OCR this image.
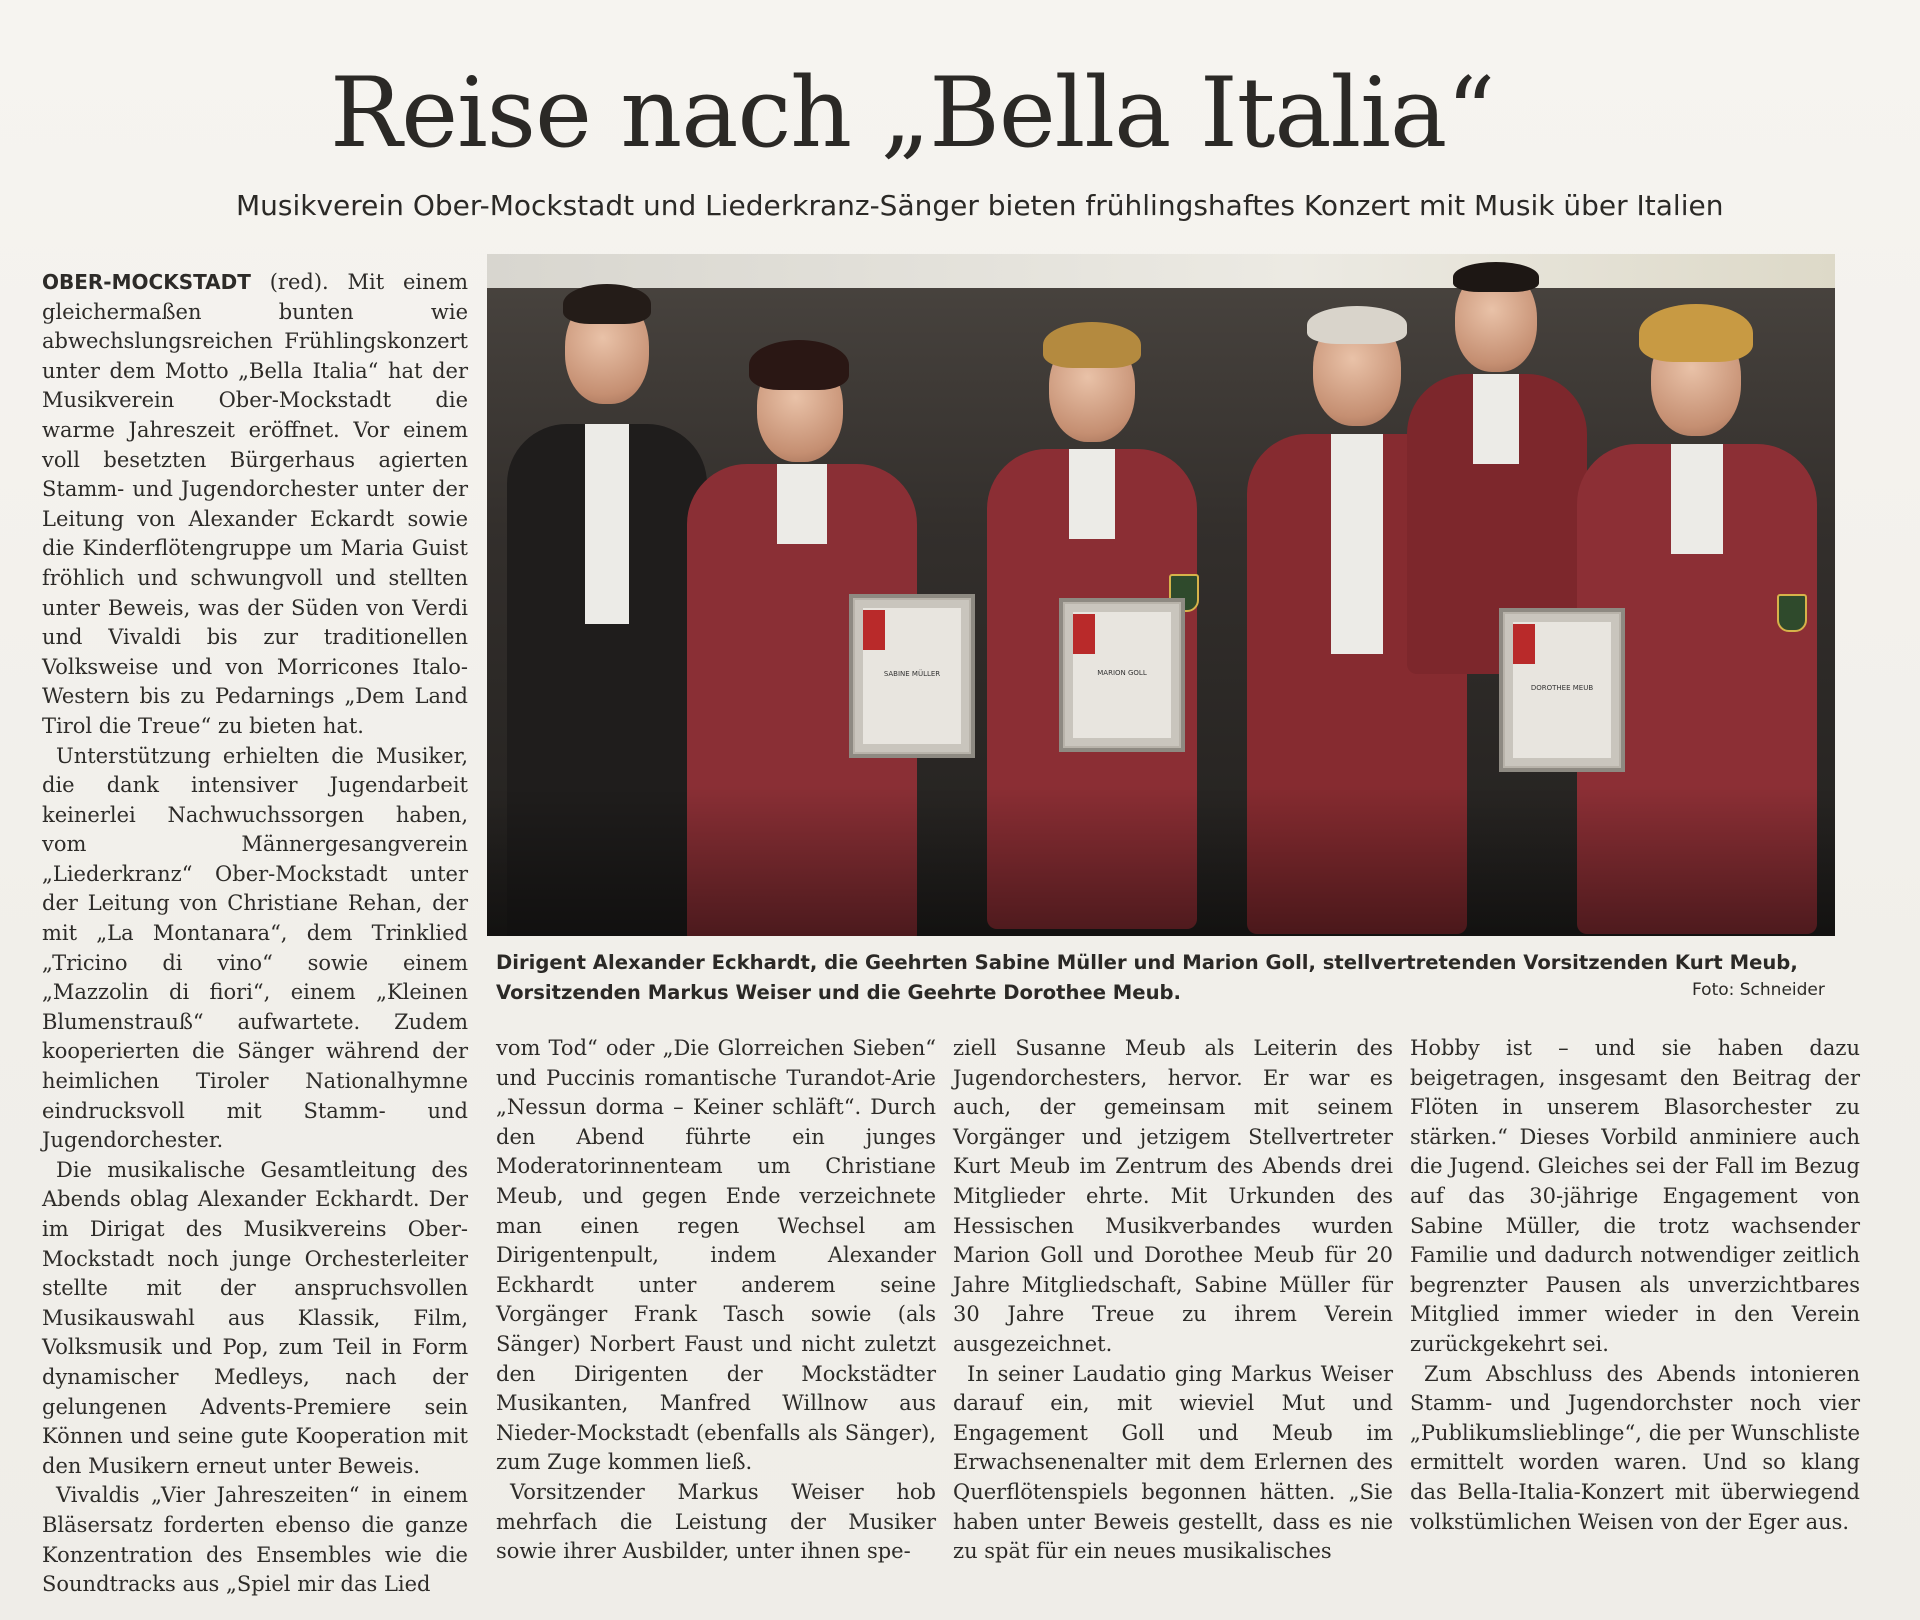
Reise nach „Bella Italia“
Musikverein Ober-Mockstadt und Liederkranz-Sänger bieten frühlingshaftes Konzert mit Musik über Italien

OBER-MOCKSTADT (red). Mit einem gleichermaßen bunten wie abwechslungsreichen Frühlingskonzert unter dem Motto „Bella Italia“ hat der Musikverein Ober-Mockstadt die warme Jahreszeit eröffnet. Vor einem voll besetzten Bürgerhaus agierten Stamm- und Jugendorchester unter der Leitung von Alexander Eckardt sowie die Kinderflötengruppe um Maria Guist fröhlich und schwungvoll und stellten unter Beweis, was der Süden von Verdi und Vivaldi bis zur traditionellen Volksweise und von Morricones Italo-Western bis zu Pedarnings „Dem Land Tirol die Treue“ zu bieten hat.

Unterstützung erhielten die Musiker, die dank intensiver Jugendarbeit keinerlei Nachwuchssorgen haben, vom Männergesangverein „Liederkranz“ Ober-Mockstadt unter der Leitung von Christiane Rehan, der mit „La Montanara“, dem Trinklied „Tricino di vino“ sowie einem „Mazzolin di fiori“, einem „Kleinen Blumenstrauß“ aufwartete. Zudem kooperierten die Sänger während der heimlichen Tiroler Nationalhymne eindrucksvoll mit Stamm- und Jugendorchester.

Die musikalische Gesamtleitung des Abends oblag Alexander Eckhardt. Der im Dirigat des Musikvereins Ober-Mockstadt noch junge Orchesterleiter stellte mit der anspruchsvollen Musikauswahl aus Klassik, Film, Volksmusik und Pop, zum Teil in Form dynamischer Medleys, nach der gelungenen Advents-Premiere sein Können und seine gute Kooperation mit den Musikern erneut unter Beweis.

Vivaldis „Vier Jahreszeiten“ in einem Bläsersatz forderten ebenso die ganze Konzentration des Ensembles wie die Soundtracks aus „Spiel mir das Lied

SABINE MÜLLER	MARION GOLL
DOROTHEE MEUB
Dirigent Alexander Eckhardt, die Geehrten Sabine Müller und Marion Goll, stellvertretenden Vorsitzenden Kurt Meub, Vorsitzenden Markus Weiser und die Geehrte Dorothee Meub.	Foto: Schneider

vom Tod“ oder „Die Glorreichen Sieben“ und Puccinis romantische Turandot-Arie „Nessun dorma – Keiner schläft“. Durch den Abend führte ein junges Moderatorinnenteam um Christiane Meub, und gegen Ende verzeichnete man einen regen Wechsel am Dirigentenpult, indem Alexander Eckhardt unter anderem seine Vorgänger Frank Tasch sowie (als Sänger) Norbert Faust und nicht zuletzt den Dirigenten der Mockstädter Musikanten, Manfred Willnow aus Nieder-Mockstadt (ebenfalls als Sänger), zum Zuge kommen ließ.

Vorsitzender Markus Weiser hob mehrfach die Leistung der Musiker sowie ihrer Ausbilder, unter ihnen spe-

ziell Susanne Meub als Leiterin des Jugendorchesters, hervor. Er war es auch, der gemeinsam mit seinem Vorgänger und jetzigem Stellvertreter Kurt Meub im Zentrum des Abends drei Mitglieder ehrte. Mit Urkunden des Hessischen Musikverbandes wurden Marion Goll und Dorothee Meub für 20 Jahre Mitgliedschaft, Sabine Müller für 30 Jahre Treue zu ihrem Verein ausgezeichnet.

In seiner Laudatio ging Markus Weiser darauf ein, mit wieviel Mut und Engagement Goll und Meub im Erwachsenenalter mit dem Erlernen des Querflötenspiels begonnen hätten. „Sie haben unter Beweis gestellt, dass es nie zu spät für ein neues musikalisches

Hobby ist – und sie haben dazu beigetragen, insgesamt den Beitrag der Flöten in unserem Blasorchester zu stärken.“ Dieses Vorbild anminiere auch die Jugend. Gleiches sei der Fall im Bezug auf das 30-jährige Engagement von Sabine Müller, die trotz wachsender Familie und dadurch notwendiger zeitlich begrenzter Pausen als unverzichtbares Mitglied immer wieder in den Verein zurückgekehrt sei.

Zum Abschluss des Abends intonieren Stamm- und Jugendorchster noch vier „Publikumslieblinge“, die per Wunschliste ermittelt worden waren. Und so klang das Bella-Italia-Konzert mit überwiegend volkstümlichen Weisen von der Eger aus.
